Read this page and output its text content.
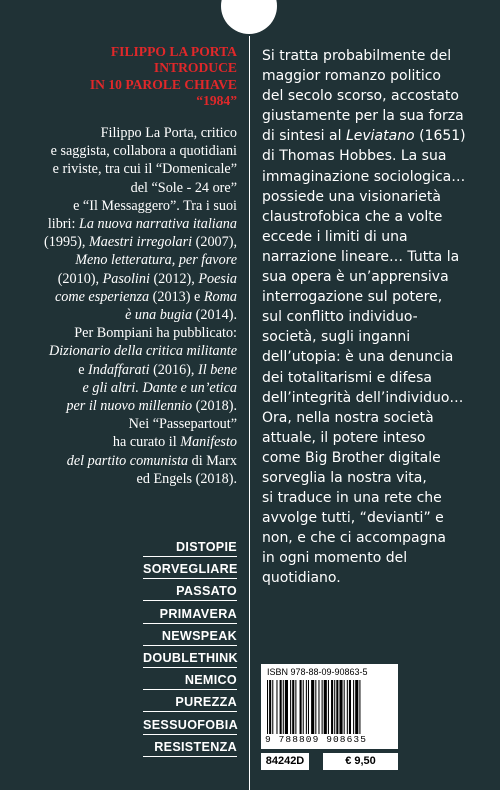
FILIPPO LA PORTA
INTRODUCE
IN 10 PAROLE CHIAVE
“1984”
Filippo La Porta, critico
e saggista, collabora a quotidiani
e riviste, tra cui il “Domenicale”
del “Sole - 24 ore”
e “Il Messaggero”. Tra i suoi
libri: La nuova narrativa italiana
(1995), Maestri irregolari (2007),
Meno letteratura, per favore
(2010), Pasolini (2012), Poesia
come esperienza (2013) e Roma
è una bugia (2014).
Per Bompiani ha pubblicato:
Dizionario della critica militante
e Indaffarati (2016), Il bene
e gli altri. Dante e un’etica
per il nuovo millennio (2018).
Nei “Passepartout”
ha curato il Manifesto
del partito comunista di Marx
ed Engels (2018).
DISTOPIE
SORVEGLIARE
PASSATO
PRIMAVERA
NEWSPEAK
DOUBLETHINK
NEMICO
PUREZZA
SESSUOFOBIA
RESISTENZA
Si tratta probabilmente del
maggior romanzo politico
del secolo scorso, accostato
giustamente per la sua forza
di sintesi al Leviatano (1651)
di Thomas Hobbes. La sua
immaginazione sociologica…
possiede una visionarietà
claustrofobica che a volte
eccede i limiti di una
narrazione lineare… Tutta la
sua opera è un’apprensiva
interrogazione sul potere,
sul conflitto individuo-
società, sugli inganni
dell’utopia: è una denuncia
dei totalitarismi e difesa
dell’integrità dell’individuo…
Ora, nella nostra società
attuale, il potere inteso
come Big Brother digitale
sorveglia la nostra vita,
si traduce in una rete che
avvolge tutti, “devianti” e
non, e che ci accompagna
in ogni momento del
quotidiano.
ISBN 978-88-09-90863-5
9 788809 908635
84242D	€ 9,50
